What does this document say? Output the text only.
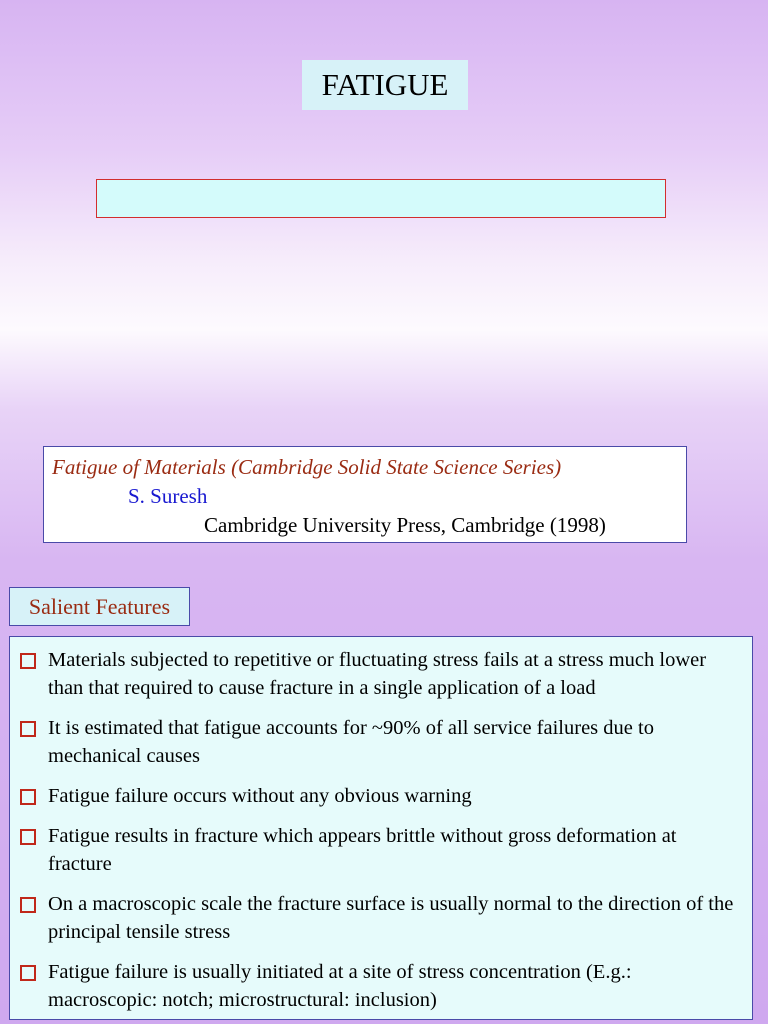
FATIGUE
Fatigue of Materials (Cambridge Solid State Science Series)
S. Suresh
Cambridge University Press, Cambridge (1998)
Salient Features
Materials subjected to repetitive or fluctuating stress fails at a stress much lower than that required to cause fracture in a single application of a load
It is estimated that fatigue accounts for ~90% of all service failures due to mechanical causes
Fatigue failure occurs without any obvious warning
Fatigue results in fracture which appears brittle without gross deformation at fracture
On a macroscopic scale the fracture surface is usually normal to the direction of the principal tensile stress
Fatigue failure is usually initiated at a site of stress concentration (E.g.: macroscopic: notch; microstructural: inclusion)
